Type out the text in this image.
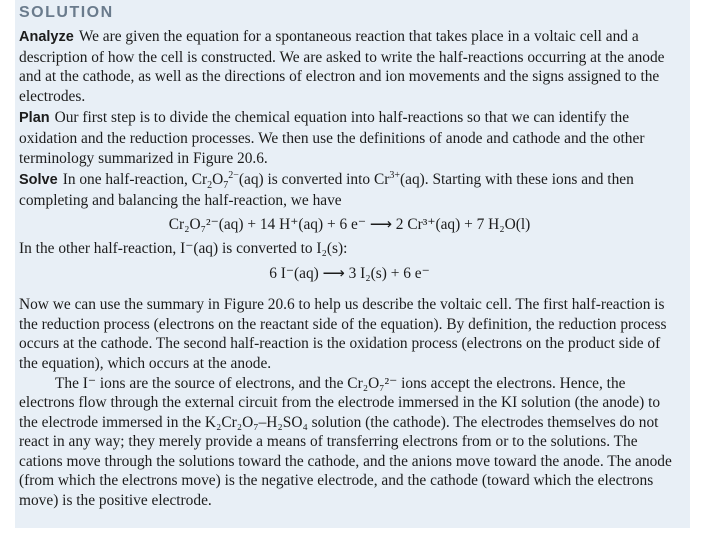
SOLUTION
Analyze We are given the equation for a spontaneous reaction that takes place in a voltaic cell and a description of how the cell is constructed. We are asked to write the half-reactions occurring at the anode and at the cathode, as well as the directions of electron and ion movements and the signs assigned to the electrodes.
Plan Our first step is to divide the chemical equation into half-reactions so that we can identify the oxidation and the reduction processes. We then use the definitions of anode and cathode and the other terminology summarized in Figure 20.6.
Solve In one half-reaction, $Cr_2O_7^{2-}(aq)$ is converted into $Cr^{3+}(aq)$. Starting with these ions and then completing and balancing the half-reaction, we have
Cr₂O₇²⁻(aq) + 14 H⁺(aq) + 6 e⁻ ⟶ 2 Cr³⁺(aq) + 7 H₂O(l)
In the other half-reaction, I⁻(aq) is converted to I₂(s):
6 I⁻(aq) ⟶ 3 I₂(s) + 6 e⁻
Now we can use the summary in Figure 20.6 to help us describe the voltaic cell. The first half-reaction is the reduction process (electrons on the reactant side of the equation). By definition, the reduction process occurs at the cathode. The second half-reaction is the oxidation process (electrons on the product side of the equation), which occurs at the anode.
The I⁻ ions are the source of electrons, and the Cr₂O₇²⁻ ions accept the electrons. Hence, the electrons flow through the external circuit from the electrode immersed in the KI solution (the anode) to the electrode immersed in the K₂Cr₂O₇–H₂SO₄ solution (the cathode). The electrodes themselves do not react in any way; they merely provide a means of transferring electrons from or to the solutions. The cations move through the solutions toward the cathode, and the anions move toward the anode. The anode (from which the electrons move) is the negative electrode, and the cathode (toward which the electrons move) is the positive electrode.
